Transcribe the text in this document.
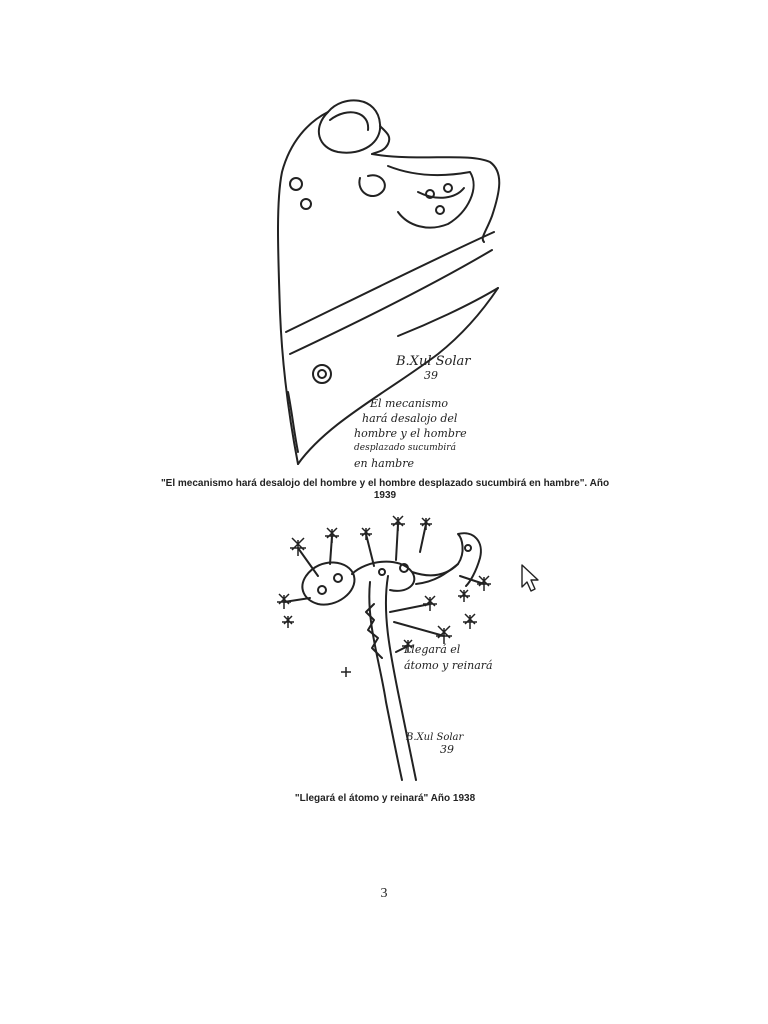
B.Xul Solar
39
El mecanismo
hará desalojo del
hombre y el hombre
desplazado sucumbirá
en hambre
"El mecanismo hará desalojo del hombre y el hombre desplazado sucumbirá en hambre". Año 1939
Llegará el
átomo y reinará
B.Xul Solar
39
"Llegará el átomo y reinará" Año 1938
3
